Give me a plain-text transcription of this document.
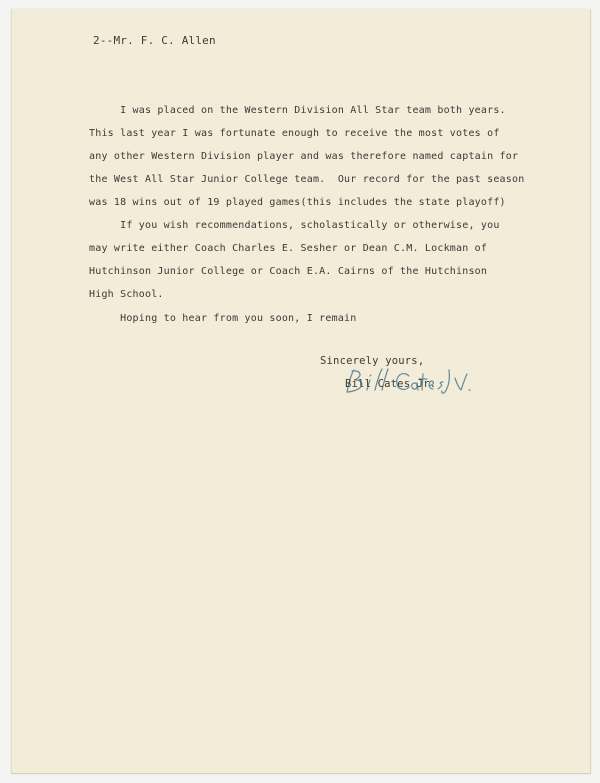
2--Mr. F. C. Allen
I was placed on the Western Division All Star team both years.
This last year I was fortunate enough to receive the most votes of
any other Western Division player and was therefore named captain for
the West All Star Junior College team.  Our record for the past season
was 18 wins out of 19 played games(this includes the state playoff)
If you wish recommendations, scholastically or otherwise, you
may write either Coach Charles E. Sesher or Dean C.M. Lockman of
Hutchinson Junior College or Coach E.A. Cairns of the Hutchinson
High School.
Hoping to hear from you soon, I remain
Sincerely yours,
Bill Cates Jr.
